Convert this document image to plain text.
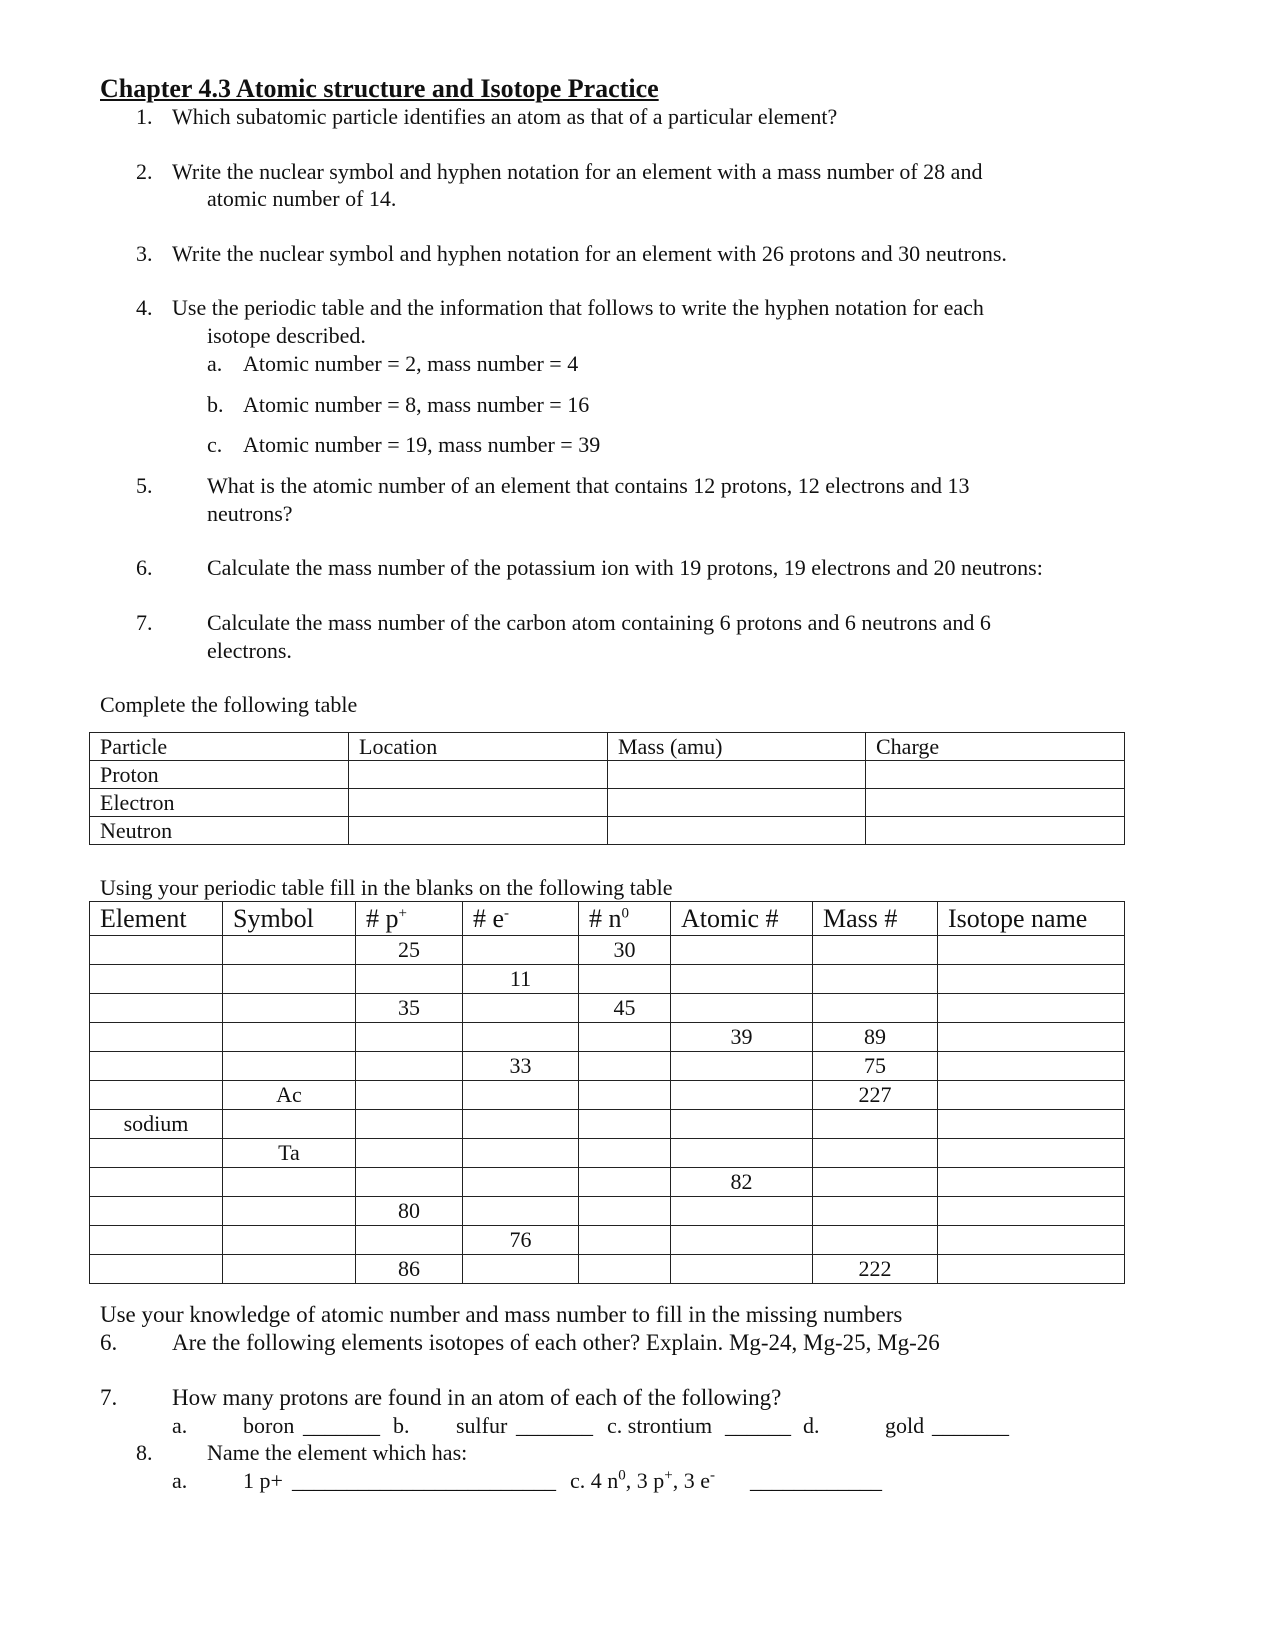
Chapter 4.3 Atomic structure and Isotope Practice
1. Which subatomic particle identifies an atom as that of a particular element?
2. Write the nuclear symbol and hyphen notation for an element with a mass number of 28 and
atomic number of 14.
3. Write the nuclear symbol and hyphen notation for an element with 26 protons and 30 neutrons.
4. Use the periodic table and the information that follows to write the hyphen notation for each
isotope described.
a. Atomic number = 2, mass number = 4
b. Atomic number = 8, mass number = 16
c. Atomic number = 19, mass number = 39
5. What is the atomic number of an element that contains 12 protons, 12 electrons and 13
neutrons?
6. Calculate the mass number of the potassium ion with 19 protons, 19 electrons and 20 neutrons:
7. Calculate the mass number of the carbon atom containing 6 protons and 6 neutrons and 6
electrons.
Complete the following table
Particle	Location	Mass (amu)	Charge
Proton			
Electron			
Neutron			
Using your periodic table fill in the blanks on the following table
Element	Symbol	# p+	# e-	# $n^0$	Atomic #	Mass #	Isotope name
		25		30			
			11				
		35		45			
					39	89	
			33			75	
	Ac					227	
sodium							
	Ta						
					82		
		80					
			76				
		86				222	
Use your knowledge of atomic number and mass number to fill in the missing numbers
6. Are the following elements isotopes of each other? Explain. Mg-24, Mg-25, Mg-26
7. How many protons are found in an atom of each of the following?
a.	boron _______ b. sulfur _______ c. strontium ______ d.	gold _______
8. Name the element which has:
a.	1 p+ ________________________ c. 4 $n^0$, 3 p+, 3 e- ____________
